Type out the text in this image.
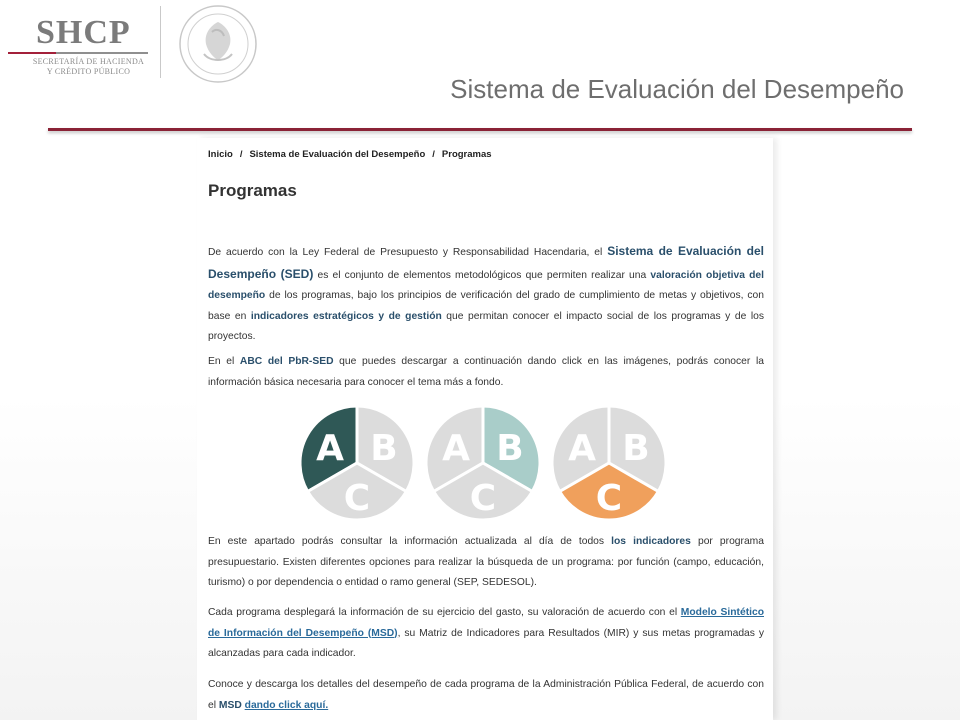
SHCP
SECRETARÍA DE HACIENDA
Y CRÉDITO PÚBLICO
Sistema de Evaluación del Desempeño
Inicio / Sistema de Evaluación del Desempeño / Programas
Programas
De acuerdo con la Ley Federal de Presupuesto y Responsabilidad Hacendaria, el Sistema de Evaluación del Desempeño (SED) es el conjunto de elementos metodológicos que permiten realizar una valoración objetiva del desempeño de los programas, bajo los principios de verificación del grado de cumplimiento de metas y objetivos, con base en indicadores estratégicos y de gestión que permitan conocer el impacto social de los programas y de los proyectos.
En el ABC del PbR-SED que puedes descargar a continuación dando click en las imágenes, podrás conocer la información básica necesaria para conocer el tema más a fondo.
A B
C
A B
C
A B
C
En este apartado podrás consultar la información actualizada al día de todos los indicadores por programa presupuestario. Existen diferentes opciones para realizar la búsqueda de un programa: por función (campo, educación, turismo) o por dependencia o entidad o ramo general (SEP, SEDESOL).
Cada programa desplegará la información de su ejercicio del gasto, su valoración de acuerdo con el Modelo Sintético de Información del Desempeño (MSD), su Matriz de Indicadores para Resultados (MIR) y sus metas programadas y alcanzadas para cada indicador.
Conoce y descarga los detalles del desempeño de cada programa de la Administración Pública Federal, de acuerdo con el MSD dando click aquí.
